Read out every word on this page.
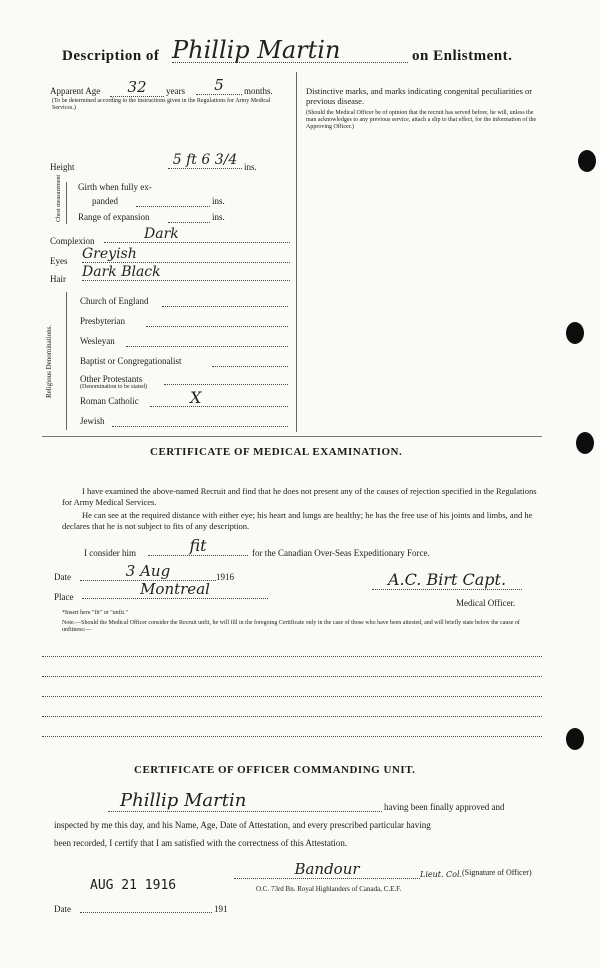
Description of Phillip Martin	on Enlistment.
Apparent Age	32	years	5	months.
(To be determined according to the instructions given in the Regulations for Army Medical Services.)
Height	5 ft 6 3/4 ins.
Chest measurement Girth when fully ex-
panded	ins.
Range of expansion	ins.
Complexion	Dark
Eyes Greyish
Hair Dark Black
Religious Denominations.
Church of England
Presbyterian
Wesleyan
Baptist or Congregationalist
Other Protestants
(Denomination to be stated)
Roman Catholic	X
Jewish
Distinctive marks, and marks indicating congenital peculiarities or previous disease.
(Should the Medical Officer be of opinion that the recruit has served before, he will, unless the man acknowledges to any previous service, attach a slip to that effect, for the information of the Approving Officer.)
CERTIFICATE OF MEDICAL EXAMINATION.
I have examined the above-named Recruit and find that he does not present any of the causes of rejection specified in the Regulations for Army Medical Services.
He can see at the required distance with either eye; his heart and lungs are healthy; he has the free use of his joints and limbs, and he declares that he is not subject to fits of any description.
I consider him	fit	for the Canadian Over-Seas Expeditionary Force.
Date	3 Aug	1916
Place	Montreal	A.C. Birt Capt.
Medical Officer.
*Insert here "fit" or "unfit."
Note.—Should the Medical Officer consider the Recruit unfit, he will fill in the foregoing Certificate only in the case of those who have been attested, and will briefly state below the cause of unfitness:—
CERTIFICATE OF OFFICER COMMANDING UNIT.
Phillip Martin	having been finally approved and
inspected by me this day, and his Name, Age, Date of Attestation, and every prescribed particular having
been recorded, I certify that I am satisfied with the correctness of this Attestation.
AUG 21 1916
Bandour	Lieut. Col. (Signature of Officer)
O.C. 73rd Bn. Royal Highlanders of Canada, C.E.F.
Date	191
